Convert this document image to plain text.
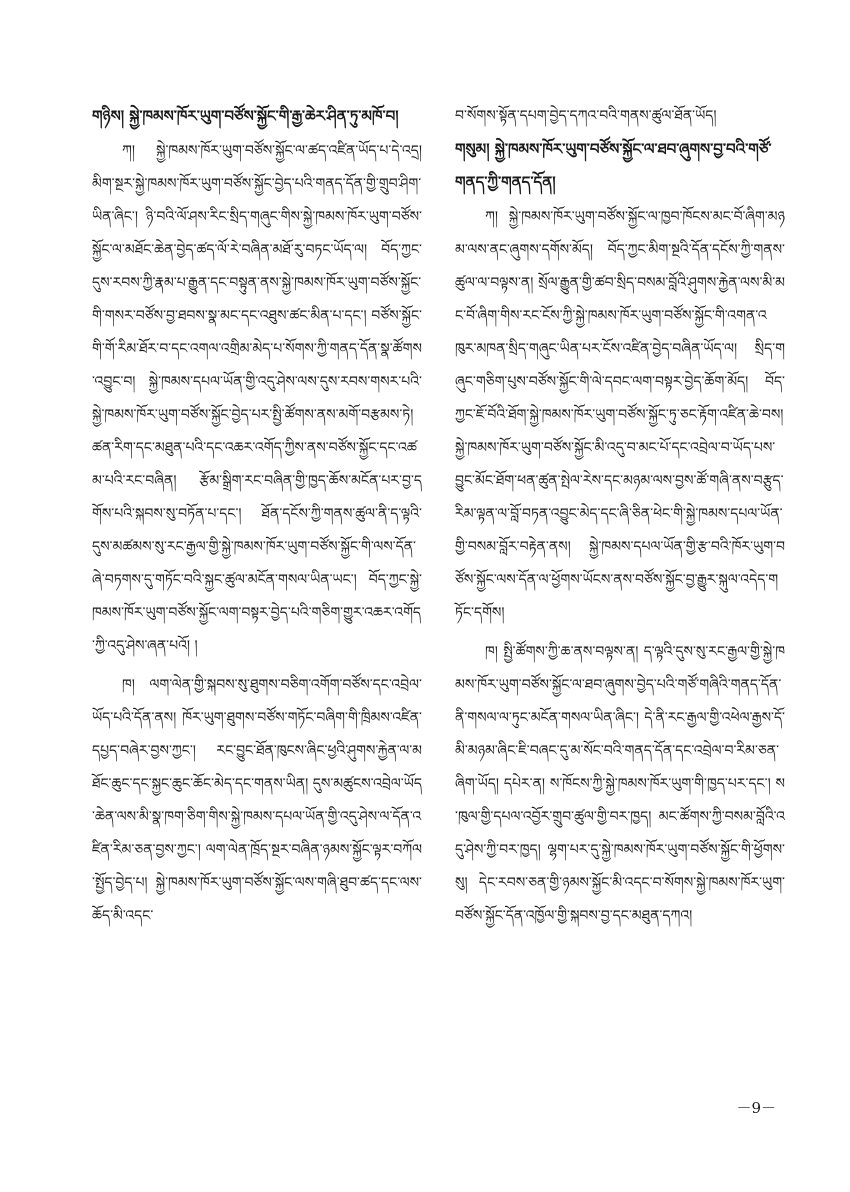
གཉིས། སྐྱེ་ཁམས་ཁོར་ཡུག་བཙོས་སྐྱོང་གི་རྒྱ་ཆེར་ཤིན་ཏུ་མཁོ་བ།

ཀ། སྐྱེ་ཁམས་ཁོར་ཡུག་བཙོས་སྐྱོང་ལ་ཚད་འཛིན་ཡོད་པ་དེ་འདྲ། མིག་སྔར་སྐྱེ་ཁམས་ཁོར་ཡུག་བཙོས་སྐྱོང་བྱེད་པའི་གནད་དོན་གྱི་གྲུབ་ཤིག་ཡིན་ཞིང་། ཉི་བའི་ལོ་ཤས་རིང་སྲིད་གཞུང་གིས་སྐྱེ་ཁམས་ཁོར་ཡུག་བཙོས་སྐྱོང་ལ་མཐོང་ཆེན་བྱེད་ཚད་ལོ་རེ་བཞིན་མཐོ་རུ་བཏང་ཡོད་ལ། བོད་ཀྱང་དུས་རབས་ཀྱི་རྣམ་པ་རྒྱུན་དང་བསྟུན་ནས་སྐྱེ་ཁམས་ཁོར་ཡུག་བཙོས་སྐྱོང་གི་གསར་བཙོས་བྱ་ཐབས་སྣ་མང་དང་འཐུས་ཚང་མིན་པ་དང་། བཙོས་སྐྱོང་གི་གོ་རིམ་ཐོར་བ་དང་འགལ་འགྲིམ་མེད་པ་སོགས་ཀྱི་གནད་དོན་སྣ་ཚོགས་འབྱུང་བ། སྐྱེ་ཁམས་དཔལ་ཡོན་གྱི་འདུ་ཤེས་ལས་དུས་རབས་གསར་པའི་སྐྱེ་ཁམས་ཁོར་ཡུག་བཙོས་སྐྱོང་བྱེད་པར་སྤྱི་ཚོགས་ནས་མགོ་བརྩམས་ཏེ། ཚན་རིག་དང་མཐུན་པའི་དང་འཆར་འགོད་ཀྱིས་ནས་བཙོས་སྐྱོང་དང་འཚམ་པའི་རང་བཞིན། རྩོམ་སྒྲིག་རང་བཞིན་གྱི་ཁྱད་ཆོས་མངོན་པར་བྱ་དགོས་པའི་སྐབས་སུ་བཏོན་པ་དང་། ཐོན་དངོས་ཀྱི་གནས་ཚུལ་ནི་ད་ལྟའི་དུས་མཚམས་སུ་རང་རྒྱལ་གྱི་སྐྱེ་ཁམས་ཁོར་ཡུག་བཙོས་སྐྱོང་གི་ལས་དོན་ཞེ་བཏགས་དུ་གཏོང་བའི་སྐྱང་ཚུལ་མངོན་གསལ་ཡིན་ཡང་། བོད་ཀྱང་སྐྱེ་ཁམས་ཁོར་ཡུག་བཙོས་སྐྱོང་ལག་བསྟར་བྱེད་པའི་གཅིག་གྱུར་འཆར་འགོད་ཀྱི་འདུ་ཤེས་ཞན་པའོ། །

ཁ། ལག་ལེན་གྱི་སྐབས་སུ་ཐུགས་བཅིག་འགོག་བཙོས་དང་འབྲེལ་ཡོད་པའི་དོན་ནས། ཁོར་ཡུག་ཐུགས་བཙོས་གཏོང་བཞིག་གི་ཁྲིམས་འཛིན་དཔྱད་བཞེར་བྱས་ཀྱང་། རང་བྱུང་ཐོན་ཁུངས་ཞིང་ཕྱའི་ཤུགས་རྐྱེན་ལ་མཐོང་ཆུང་དང་སྐྱང་ཆུང་ཆོང་མེད་དང་གནས་ཡིན། དུས་མཚུངས་འབྲེལ་ཡོད་ཆེན་ལས་མི་སྣ་ཁག་ཅིག་གིས་སྐྱེ་ཁམས་དཔལ་ཡོན་གྱི་འདུ་ཤེས་ལ་དོན་འཛིན་རིམ་ཅན་བྱས་ཀྱང་། ལག་ལེན་ཁྲོད་སྔར་བཞིན་ཉམས་སྐྱོང་ལྟར་བཀོལ་སྤྱོད་བྱེད་པ། སྐྱེ་ཁམས་ཁོར་ཡུག་བཙོས་སྐྱོང་ལས་གཞི་ཐུབ་ཚད་དང་ལས་ཆོད་མི་འདང་

བ་སོགས་སྟོན་དཔག་བྱེད་དཀའ་བའི་གནས་ཚུལ་ཐོན་ཡོད།

གསུམ། སྐྱེ་ཁམས་ཁོར་ཡུག་བཙོས་སྐྱོང་ལ་ཐབ་ཞུགས་བྱ་བའི་གཙོ་གནད་ཀྱི་གནད་དོན།

ཀ། སྐྱེ་ཁམས་ཁོར་ཡུག་བཙོས་སྐྱོང་ལ་ཁྱབ་ཁོངས་མང་བོ་ཞིག་མཉམ་ལས་ནང་ཞུགས་དགོས་མོད། བོད་ཀྱང་མིག་སྔའི་དོན་དངོས་ཀྱི་གནས་ཚུལ་ལ་བལྟས་ན། སྲོལ་རྒྱུན་གྱི་ཚབ་སྲིད་བསམ་བློའི་ཤུགས་རྐྱེན་ལས་མི་མང་བོ་ཞིག་གིས་རང་ངོས་ཀྱི་སྐྱེ་ཁམས་ཁོར་ཡུག་བཙོས་སྐྱོང་གི་འགན་འཁུར་མཁན་སྲིད་གཞུང་ཡིན་པར་ངོས་འཛིན་བྱེད་བཞིན་ཡོད་ལ། སྲིད་གཞུང་གཅིག་པུས་བཙོས་སྐྱོང་གི་ལེ་དབང་ལག་བསྟར་བྱེད་ཆོག་མོད། བོད་ཀྱང་ཇོ་བོའི་ཐོག་སྐྱེ་ཁམས་ཁོར་ཡུག་བཙོས་སྐྱོང་ཏུ་ཅང་རྟོག་འཛིན་ཆེ་བས། སྐྱེ་ཁམས་ཁོར་ཡུག་བཙོས་སྐྱོང་མི་འདུ་བ་མང་པོ་དང་འབྲེལ་བ་ཡོད་པས་བྱུང་མོང་ཐོག་ཕན་ཚུན་སྤེལ་རེས་དང་མཉམ་ལས་བྱས་ཚོ་གཞི་ནས་བརྩུད་རིམ་ལྟན་ལ་བློ་བཏན་འབྱུང་མེད་དང་ཞི་ཅིན་ཕེང་གི་སྐྱེ་ཁམས་དཔལ་ཡོན་གྱི་བསམ་བློར་བརྟེན་ནས། སྐྱེ་ཁམས་དཔལ་ཡོན་གྱི་རྩ་བའི་ཁོར་ཡུག་བཙོས་སྐྱོང་ལས་དོན་ལ་ཕྱོགས་ཡོངས་ནས་བཙོས་སྐྱོང་བྱ་རྒྱུར་སྐུལ་འདེད་གཏོང་དགོས།

ཁ། སྤྱི་ཚོགས་ཀྱི་ཆ་ནས་བལྟས་ན། ད་ལྟའི་དུས་སུ་རང་རྒྱལ་གྱི་སྐྱེ་ཁམས་ཁོར་ཡུག་བཙོས་སྐྱོང་ལ་ཐབ་ཞུགས་བྱེད་པའི་གཙོ་གཞིའི་གནད་དོན་ནི་གསལ་ལ་ཏུང་མངོན་གསལ་ཡིན་ཞིང་། དེ་ནི་རང་རྒྱལ་གྱི་འཕེལ་རྒྱས་དོ་མི་མཉམ་ཞིང་ཇི་བཞང་དུ་མ་སོང་བའི་གནད་དོན་དང་འབྲེལ་བ་རིམ་ཅན་ཞིག་ཡོད། དཔེར་ན། ས་ཁོངས་ཀྱི་སྐྱེ་ཁམས་ཁོར་ཡུག་གི་ཁྱད་པར་དང་། ས་ཁུལ་གྱི་དཔལ་འབྱོར་གྲུབ་ཚུལ་གྱི་བར་ཁྱད། མང་ཚོགས་ཀྱི་བསམ་བློའི་འདུ་ཤེས་ཀྱི་བར་ཁྱད། ལྷག་པར་དུ་སྐྱེ་ཁམས་ཁོར་ཡུག་བཙོས་སྐྱོང་གི་ཕྱོགས་སུ། དེང་རབས་ཅན་གྱི་ཉམས་སྐྱོང་མི་འདང་བ་སོགས་སྐྱེ་ཁམས་ཁོར་ཡུག་བཙོས་སྐྱོང་དོན་འཁྱོལ་གྱི་སྐབས་བྱ་དང་མཐུན་དཀའ།

－9－
